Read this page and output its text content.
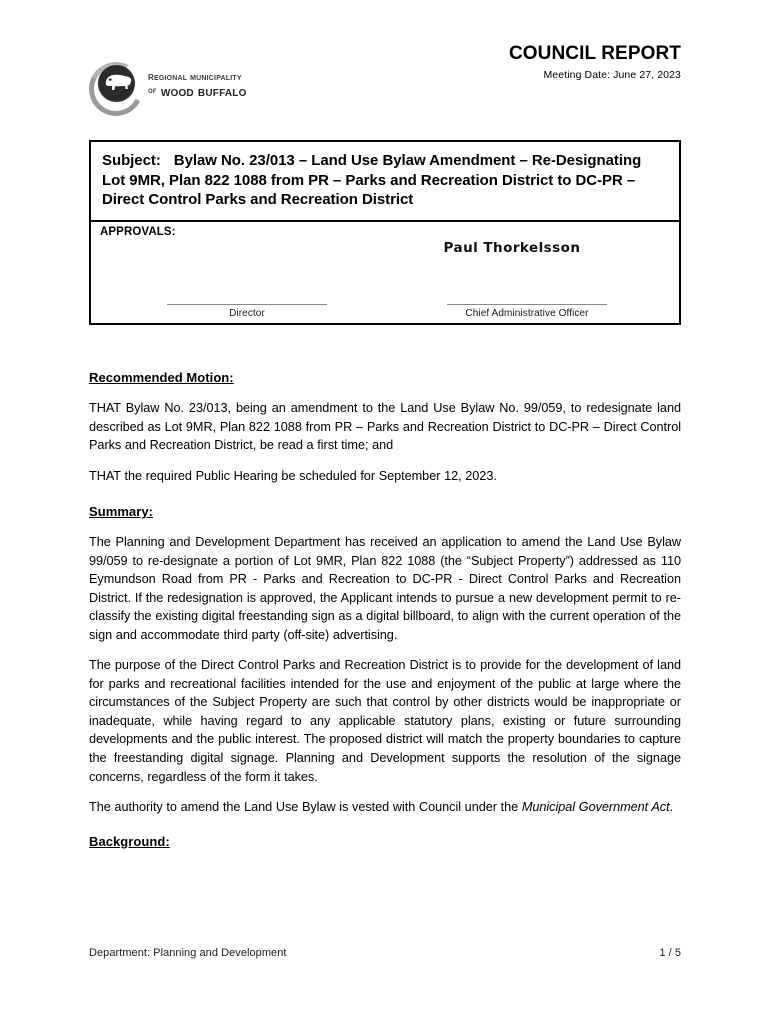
regional municipality
$^{of}$ wood buffalo
COUNCIL REPORT
Meeting Date: June 27, 2023
Subject: Bylaw No. 23/013 – Land Use Bylaw Amendment – Re-Designating Lot 9MR, Plan 822 1088 from PR – Parks and Recreation District to DC-PR – Direct Control Parks and Recreation District
APPROVALS:
Paul Thorkelsson
Director	Chief Administrative Officer
Recommended Motion:

THAT Bylaw No. 23/013, being an amendment to the Land Use Bylaw No. 99/059, to redesignate land described as Lot 9MR, Plan 822 1088 from PR – Parks and Recreation District to DC-PR – Direct Control Parks and Recreation District, be read a first time; and

THAT the required Public Hearing be scheduled for September 12, 2023.

Summary:

The Planning and Development Department has received an application to amend the Land Use Bylaw 99/059 to re-designate a portion of Lot 9MR, Plan 822 1088 (the “Subject Property”) addressed as 110 Eymundson Road from PR - Parks and Recreation to DC-PR - Direct Control Parks and Recreation District. If the redesignation is approved, the Applicant intends to pursue a new development permit to re-classify the existing digital freestanding sign as a digital billboard, to align with the current operation of the sign and accommodate third party (off-site) advertising.

The purpose of the Direct Control Parks and Recreation District is to provide for the development of land for parks and recreational facilities intended for the use and enjoyment of the public at large where the circumstances of the Subject Property are such that control by other districts would be inappropriate or inadequate, while having regard to any applicable statutory plans, existing or future surrounding developments and the public interest. The proposed district will match the property boundaries to capture the freestanding digital signage. Planning and Development supports the resolution of the signage concerns, regardless of the form it takes.

The authority to amend the Land Use Bylaw is vested with Council under the Municipal Government Act.

Background:
Department: Planning and Development	1 / 5
